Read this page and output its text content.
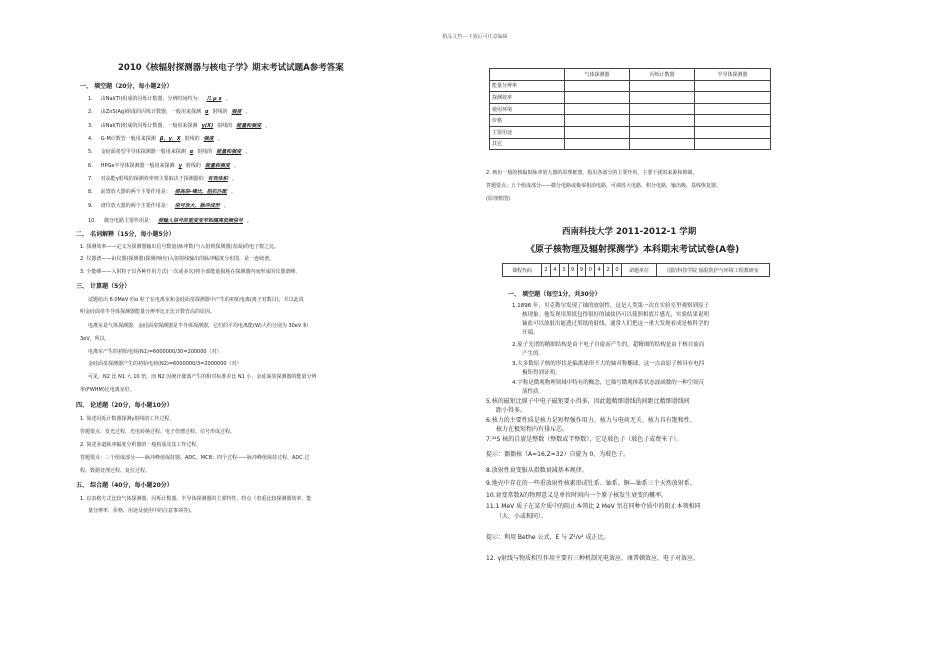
精品文档---下载后可任意编辑
2010《核辐射探测器与核电子学》期末考试试题A参考答案
一、 填空题（20分，每小题2分）
1. 由NaI(Tl)组成的闪烁计数器，分辨时间约为： 几 μ s 。
2. 由ZnS(Ag)组成的闪烁计数器，一般用来探测 α 射线的 强度 。
3. 由NaI(Tl)组成的闪烁计数器，一般用来探测 γ(X) 射线的 能量和强度 。
4. G-M计数管一般用来探测 β、γ、X 射线的 强度 。
5. 金硅面垒型半导体探测器一般用来探测 α 射线的 能量和强度 。
6. HPGe半导体探测器一般用来探测 γ 射线的 能量和强度 。
7. 对高能γ射线的探测效率则主要取决于探测器的 有效体积 。
8. 前置放大器的两个主要作用是： 提高信-噪比、阻抗匹配 。
9. 谱仪放大器的两个主要作用是： 信号放大、脉冲成形 。
10. 微分电路主要作用是： 使输入信号的宽度变窄和隔离低频信号 。
二、 名词解释（15分，每小题5分）
1. 探测效率——定义为探测器输出信号数量(脉冲数)与入射到探测器(表面)的电子数之比。
2. 仪器谱——由仪器(探测器)探测(响应)入射射线输出的脉冲幅度分布图，是一连续谱。
3. 全能峰——入射粒子以各种作用方式(一次或多次)将全部能量损耗在探测器内而形成的仪器谱峰。
三、 计算题（5分）
试题给出 6.0MeV 的α 粒子在电离室和金硅面垒探测器中产生的初始电离(离子对数目)，并以此说
明金硅面垒半导体探测器能量分辨率比正比计数管高的原因。
电离室是气体探测器，金硅面垒探测器是半导体探测器，它们的平均电离能(W)大约分别为 30eV 和
3eV。所以，
电离室产生的初始电荷(N1)=6000000/30=200000（对）
金硅面垒探测器产生的初始电荷(N2)=6000000/3=2000000（对）
可见，N2 比 N1 大 10 倍，而 N2 因统计涨落产生的相对标准差比 N1 小，金硅面垒探测器的能量分辨
率(FWHM)比电离室好。
四、 论述题（20分，每小题10分）
1. 简述闪烁计数器探测γ射线的工作过程。
答题要点：发光过程、光电转换过程、电子倍增过程、信号形成过程。
2. 简述多道脉冲幅度分析器的一般构成及其工作过程。
答题要点：三个组成部分——脉冲峰值保持器、ADC、MCB；四个过程——脉冲峰值保持过程、ADC 过
程、数据处理过程、复位过程。
五、 综合题（40分，每小题20分）
1. 以表格方式比较气体探测器、闪烁计数器、半导体探测器的主要特性、特点（着重比较探测器效率、能
量分辨率、价格、用途及使用中的注意事项等)。
	气体探测器	闪烁计数器	半导体探测器
能量分辨率			
探测效率			
使用环境			
价格			
主要用途			
其它			
2. 画出一般的核辐射脉冲放大器的原理框图，指出各部分的主要作用，主要干扰的来源和抑制。
答题要点：五个组成部分——微分电路或极零相消电路，可调放大电路，积分电路，输出级，基线恢复器。
(原理框图)
西南科技大学 2011-2012-1 学期
《原子核物理及辐射探测学》本科期末考试试卷(A卷)
课程代码	2	4	3	9	9	0	4	2	0	命题单位	国防科技学院 辐射防护与环境工程教研室
一、 填空题（每空1分，共30分）
1.1896 年，贝克勒尔发现了铀的放射性，这是人类第一次在实验室里观察到原子
核现象。他发现用黑纸包得很好的铀盐仍可以使照相底片感光，实验结果说明
铀盐可以放射出能透过黑纸的射线，通常人们把这一重大发现看成是核科学的
开端。
2.原子光谱的精细结构是由于电子自旋而产生的，超精细的结构是由于核自旋而
产生的。
3.大多数原子核的形状是偏离球形不大的轴对称椭球，这一点由原子核具有电四
极矩得到证明。
4.宇称是微观物理领域中特有的概念，它描写微观体系状态波函数的一种空间反
演性质。
5.核的磁矩比原子中电子磁矩要小得多，因此超精细谱线的间距比精细谱线间
距小得多。
6.核力的主要性质是核力是短程强作用力、核力与电荷无关、核力具有饱和性、
核力在极短程内有排斥芯。
7.³²S 核的自旋是整数（整数或半整数），它是玻色子（玻色子或费米子）。
提示：偶偶核（A=16,Z=32）自旋为 0，为玻色子。
8.放射性衰变服从指数衰减基本规律。
9.地壳中存在的一些重放射性核素形成钍系、铀系、锕—铀系三个天然放射系。
10.衰变常数λ的物理意义是单位时间内一个原子核发生衰变的概率。
11.1 MeV 质子在某介质中的阻止本领比 2 MeV 氘在同种介质中的阻止本领相同
（大、小或相同）。
提示：利用 Bethe 公式，E 与 Z²/v² 成正比。
12. γ射线与物质相互作用主要有三种机制光电效应、康普顿效应、电子对效应。
